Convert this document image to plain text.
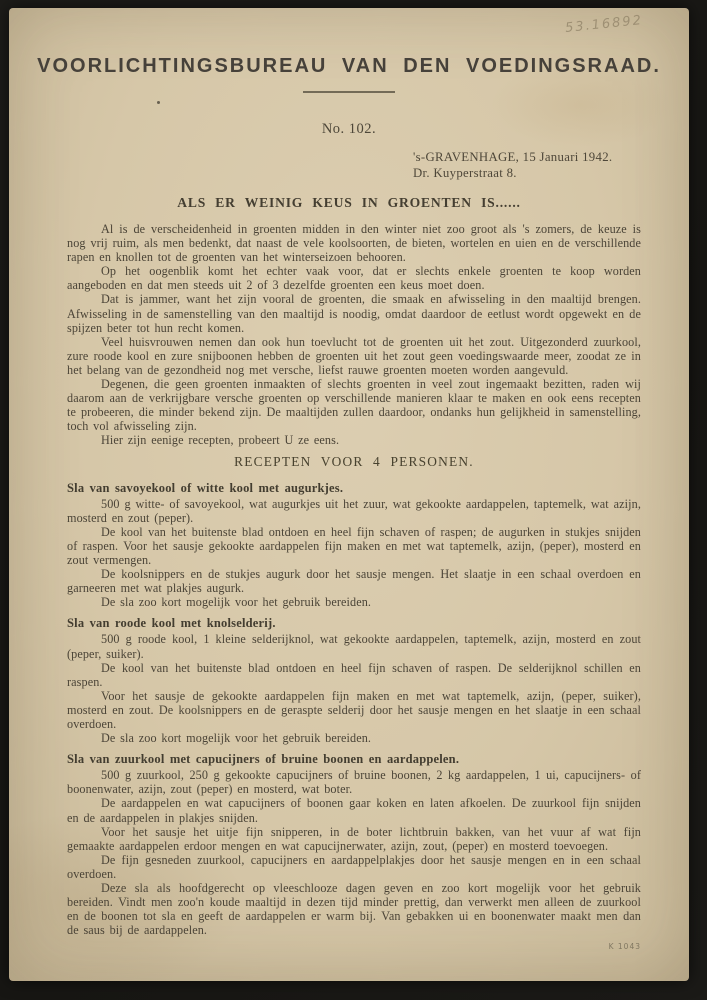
53.16892
VOORLICHTINGSBUREAU VAN DEN VOEDINGSRAAD.
No. 102.
's-GRAVENHAGE, 15 Januari 1942.
Dr. Kuyperstraat 8.
ALS ER WEINIG KEUS IN GROENTEN IS......

Al is de verscheidenheid in groenten midden in den winter niet zoo groot als 's zomers, de keuze is nog vrij ruim, als men bedenkt, dat naast de vele koolsoorten, de bieten, wortelen en uien en de verschillende rapen en knollen tot de groenten van het winterseizoen behooren.

Op het oogenblik komt het echter vaak voor, dat er slechts enkele groenten te koop worden aangeboden en dat men steeds uit 2 of 3 dezelfde groenten een keus moet doen.

Dat is jammer, want het zijn vooral de groenten, die smaak en afwisseling in den maaltijd brengen. Afwisseling in de samenstelling van den maaltijd is noodig, omdat daardoor de eetlust wordt opgewekt en de spijzen beter tot hun recht komen.

Veel huisvrouwen nemen dan ook hun toevlucht tot de groenten uit het zout. Uitgezonderd zuurkool, zure roode kool en zure snijboonen hebben de groenten uit het zout geen voedingswaarde meer, zoodat ze in het belang van de gezondheid nog met versche, liefst rauwe groenten moeten worden aangevuld.

Degenen, die geen groenten inmaakten of slechts groenten in veel zout ingemaakt bezitten, raden wij daarom aan de verkrijgbare versche groenten op verschillende manieren klaar te maken en ook eens recepten te probeeren, die minder bekend zijn. De maaltijden zullen daardoor, ondanks hun gelijkheid in samenstelling, toch vol afwisseling zijn.

Hier zijn eenige recepten, probeert U ze eens.

RECEPTEN VOOR 4 PERSONEN.
Sla van savoyekool of witte kool met augurkjes.

500 g witte- of savoyekool, wat augurkjes uit het zuur, wat gekookte aardappelen, taptemelk, wat azijn, mosterd en zout (peper).

De kool van het buitenste blad ontdoen en heel fijn schaven of raspen; de augurken in stukjes snijden of raspen. Voor het sausje gekookte aardappelen fijn maken en met wat taptemelk, azijn, (peper), mosterd en zout vermengen.

De koolsnippers en de stukjes augurk door het sausje mengen. Het slaatje in een schaal overdoen en garneeren met wat plakjes augurk.

De sla zoo kort mogelijk voor het gebruik bereiden.

Sla van roode kool met knolselderij.

500 g roode kool, 1 kleine selderijknol, wat gekookte aardappelen, taptemelk, azijn, mosterd en zout (peper, suiker).

De kool van het buitenste blad ontdoen en heel fijn schaven of raspen. De selderijknol schillen en raspen.

Voor het sausje de gekookte aardappelen fijn maken en met wat taptemelk, azijn, (peper, suiker), mosterd en zout. De koolsnippers en de geraspte selderij door het sausje mengen en het slaatje in een schaal overdoen.

De sla zoo kort mogelijk voor het gebruik bereiden.

Sla van zuurkool met capucijners of bruine boonen en aardappelen.

500 g zuurkool, 250 g gekookte capucijners of bruine boonen, 2 kg aardappelen, 1 ui, capucijners- of boonenwater, azijn, zout (peper) en mosterd, wat boter.

De aardappelen en wat capucijners of boonen gaar koken en laten afkoelen. De zuurkool fijn snijden en de aardappelen in plakjes snijden.

Voor het sausje het uitje fijn snipperen, in de boter lichtbruin bakken, van het vuur af wat fijn gemaakte aardappelen erdoor mengen en wat capucijnerwater, azijn, zout, (peper) en mosterd toevoegen.

De fijn gesneden zuurkool, capucijners en aardappelplakjes door het sausje mengen en in een schaal overdoen.

Deze sla als hoofdgerecht op vleeschlooze dagen geven en zoo kort mogelijk voor het gebruik bereiden. Vindt men zoo'n koude maaltijd in dezen tijd minder prettig, dan verwerkt men alleen de zuurkool en de boonen tot sla en geeft de aardappelen er warm bij. Van gebakken ui en boonenwater maakt men dan de saus bij de aardappelen.

K 1043
